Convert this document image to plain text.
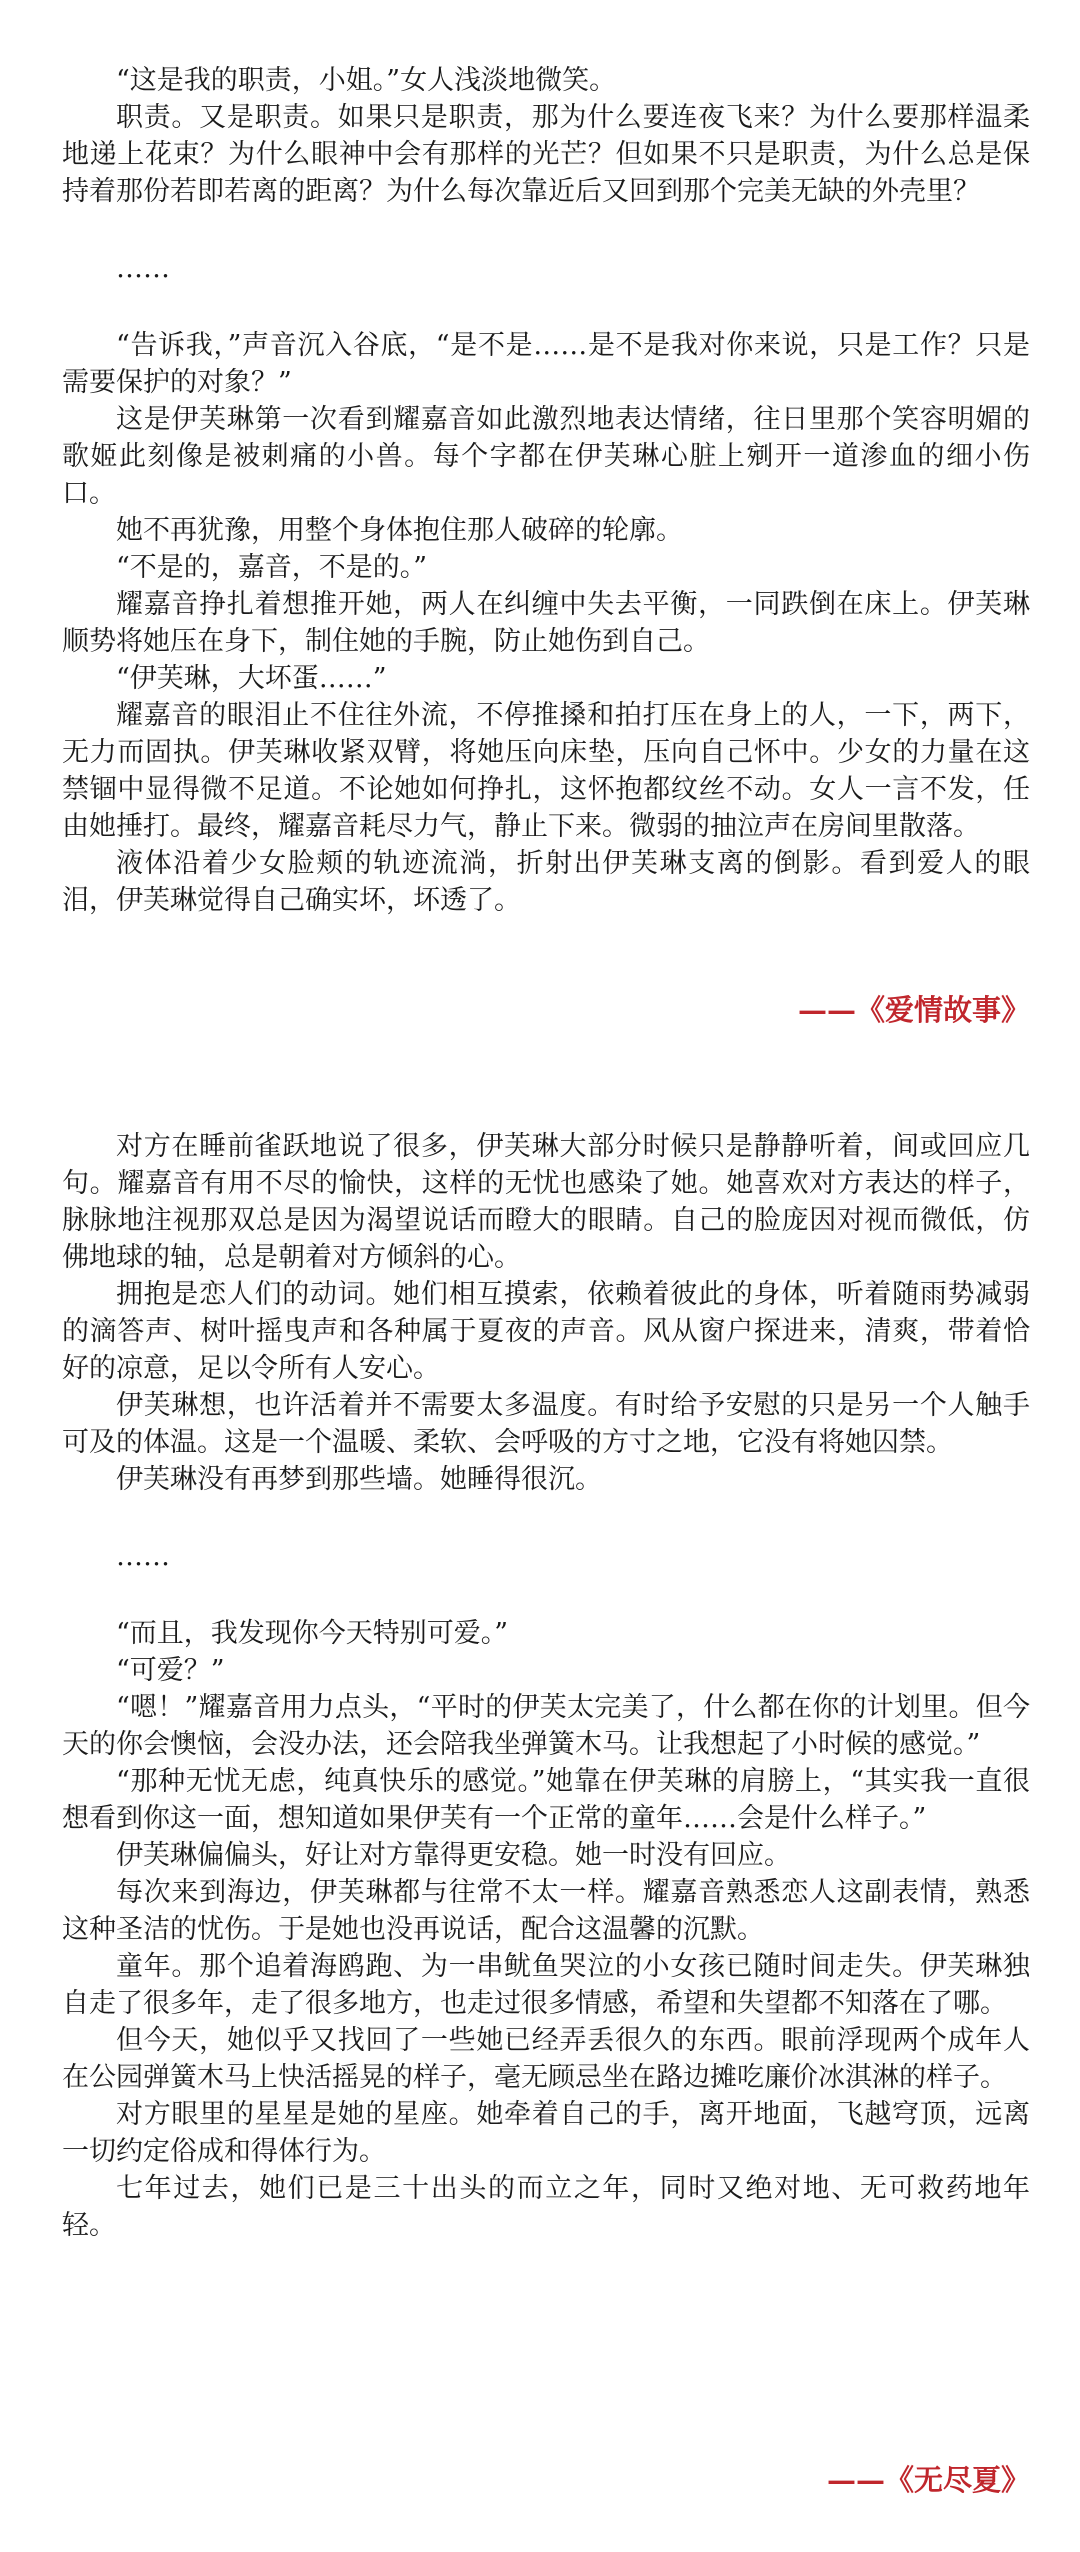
“这是我的职责，小姐。”女人浅淡地微笑。

职责。又是职责。如果只是职责，那为什么要连夜飞来？为什么要那样温柔地递上花束？为什么眼神中会有那样的光芒？但如果不只是职责，为什么总是保持着那份若即若离的距离？为什么每次靠近后又回到那个完美无缺的外壳里？

……

“告诉我，”声音沉入谷底，“是不是……是不是我对你来说，只是工作？只是需要保护的对象？”

这是伊芙琳第一次看到耀嘉音如此激烈地表达情绪，往日里那个笑容明媚的歌姬此刻像是被刺痛的小兽。每个字都在伊芙琳心脏上剜开一道渗血的细小伤口。

她不再犹豫，用整个身体抱住那人破碎的轮廓。

“不是的，嘉音，不是的。”

耀嘉音挣扎着想推开她，两人在纠缠中失去平衡，一同跌倒在床上。伊芙琳顺势将她压在身下，制住她的手腕，防止她伤到自己。

“伊芙琳，大坏蛋……”

耀嘉音的眼泪止不住往外流，不停推搡和拍打压在身上的人，一下，两下，无力而固执。伊芙琳收紧双臂，将她压向床垫，压向自己怀中。少女的力量在这禁锢中显得微不足道。不论她如何挣扎，这怀抱都纹丝不动。女人一言不发，任由她捶打。最终，耀嘉音耗尽力气，静止下来。微弱的抽泣声在房间里散落。

液体沿着少女脸颊的轨迹流淌，折射出伊芙琳支离的倒影。看到爱人的眼泪，伊芙琳觉得自己确实坏，坏透了。

——《爱情故事》

对方在睡前雀跃地说了很多，伊芙琳大部分时候只是静静听着，间或回应几句。耀嘉音有用不尽的愉快，这样的无忧也感染了她。她喜欢对方表达的样子，脉脉地注视那双总是因为渴望说话而瞪大的眼睛。自己的脸庞因对视而微低，仿佛地球的轴，总是朝着对方倾斜的心。

拥抱是恋人们的动词。她们相互摸索，依赖着彼此的身体，听着随雨势减弱的滴答声、树叶摇曳声和各种属于夏夜的声音。风从窗户探进来，清爽，带着恰好的凉意，足以令所有人安心。

伊芙琳想，也许活着并不需要太多温度。有时给予安慰的只是另一个人触手可及的体温。这是一个温暖、柔软、会呼吸的方寸之地，它没有将她囚禁。

伊芙琳没有再梦到那些墙。她睡得很沉。

……

“而且，我发现你今天特别可爱。”

“可爱？”

“嗯！”耀嘉音用力点头，“平时的伊芙太完美了，什么都在你的计划里。但今天的你会懊恼，会没办法，还会陪我坐弹簧木马。让我想起了小时候的感觉。”

“那种无忧无虑，纯真快乐的感觉。”她靠在伊芙琳的肩膀上，“其实我一直很想看到你这一面，想知道如果伊芙有一个正常的童年……会是什么样子。”

伊芙琳偏偏头，好让对方靠得更安稳。她一时没有回应。

每次来到海边，伊芙琳都与往常不太一样。耀嘉音熟悉恋人这副表情，熟悉这种圣洁的忧伤。于是她也没再说话，配合这温馨的沉默。

童年。那个追着海鸥跑、为一串鱿鱼哭泣的小女孩已随时间走失。伊芙琳独自走了很多年，走了很多地方，也走过很多情感，希望和失望都不知落在了哪。

但今天，她似乎又找回了一些她已经弄丢很久的东西。眼前浮现两个成年人在公园弹簧木马上快活摇晃的样子，毫无顾忌坐在路边摊吃廉价冰淇淋的样子。

对方眼里的星星是她的星座。她牵着自己的手，离开地面，飞越穹顶，远离一切约定俗成和得体行为。

七年过去，她们已是三十出头的而立之年，同时又绝对地、无可救药地年轻。

——《无尽夏》
